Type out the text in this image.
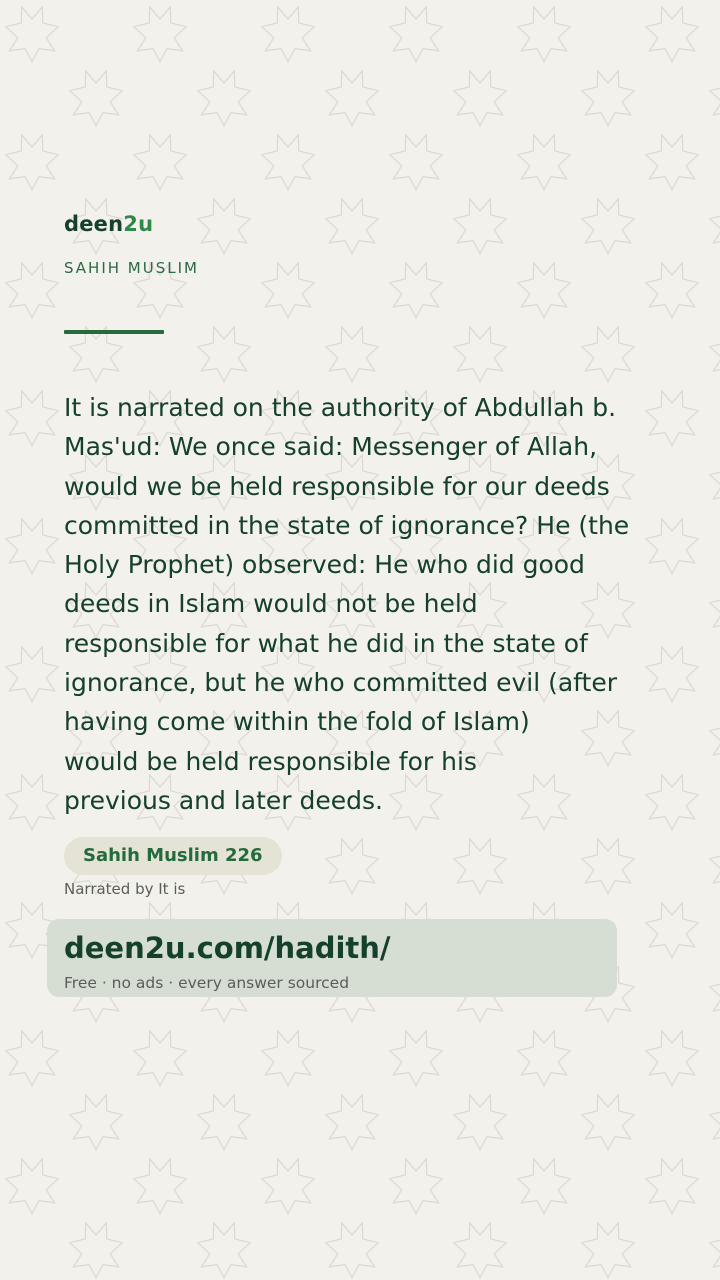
deen2u
SAHIH MUSLIM
It is narrated on the authority of Abdullah b.
Mas'ud: We once said: Messenger of Allah,
would we be held responsible for our deeds
committed in the state of ignorance? He (the
Holy Prophet) observed: He who did good
deeds in Islam would not be held
responsible for what he did in the state of
ignorance, but he who committed evil (after
having come within the fold of Islam)
would be held responsible for his
previous and later deeds.
Sahih Muslim 226
Narrated by It is
deen2u.com/hadith/
Free · no ads · every answer sourced
